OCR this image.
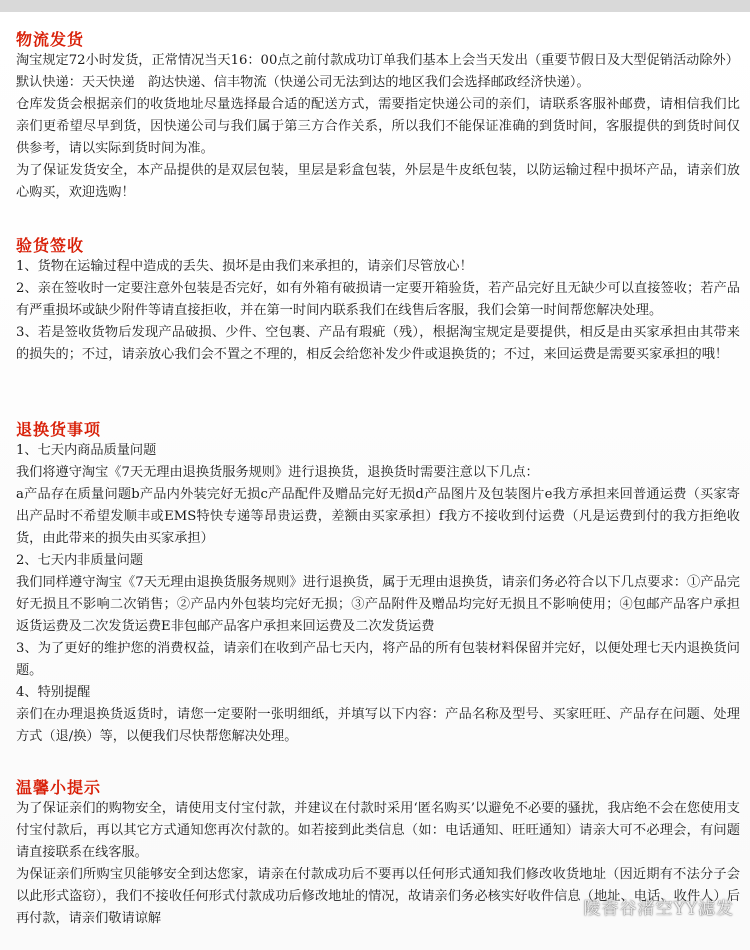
物流发货

淘宝规定72小时发货，正常情况当天16：00点之前付款成功订单我们基本上会当天发出（重要节假日及大型促销活动除外）

默认快递：天天快递　韵达快递、信丰物流（快递公司无法到达的地区我们会选择邮政经济快递）。

仓库发货会根据亲们的收货地址尽量选择最合适的配送方式，需要指定快递公司的亲们，请联系客服补邮费，请相信我们比亲们更希望尽早到货，因快递公司与我们属于第三方合作关系，所以我们不能保证准确的到货时间，客服提供的到货时间仅供参考，请以实际到货时间为准。

为了保证发货安全，本产品提供的是双层包装，里层是彩盒包装，外层是牛皮纸包装，以防运输过程中损坏产品，请亲们放心购买，欢迎选购！

验货签收

1、货物在运输过程中造成的丢失、损坏是由我们来承担的，请亲们尽管放心！

2、亲在签收时一定要注意外包装是否完好，如有外箱有破损请一定要开箱验货，若产品完好且无缺少可以直接签收；若产品有严重损坏或缺少附件等请直接拒收，并在第一时间内联系我们在线售后客服，我们会第一时间帮您解决处理。

3、若是签收货物后发现产品破损、少件、空包裹、产品有瑕疵（残），根据淘宝规定是要提供，相反是由买家承担由其带来的损失的；不过，请亲放心我们会不置之不理的，相反会给您补发少件或退换货的；不过，来回运费是需要买家承担的哦！

退换货事项

1、七天内商品质量问题

我们将遵守淘宝《7天无理由退换货服务规则》进行退换货，退换货时需要注意以下几点：

a产品存在质量问题b产品内外装完好无损c产品配件及赠品完好无损d产品图片及包装图片e我方承担来回普通运费（买家寄出产品时不希望发顺丰或EMS特快专递等昂贵运费，差额由买家承担）f我方不接收到付运费（凡是运费到付的我方拒绝收货，由此带来的损失由买家承担）

2、七天内非质量问题

我们同样遵守淘宝《7天无理由退换货服务规则》进行退换货，属于无理由退换货，请亲们务必符合以下几点要求：①产品完好无损且不影响二次销售；②产品内外包装均完好无损；③产品附件及赠品均完好无损且不影响使用；④包邮产品客户承担返货运费及二次发货运费E非包邮产品客户承担来回运费及二次发货运费

3、为了更好的维护您的消费权益，请亲们在收到产品七天内，将产品的所有包装材料保留并完好，以便处理七天内退换货问题。

4、特别提醒

亲们在办理退换货返货时，请您一定要附一张明细纸，并填写以下内容：产品名称及型号、买家旺旺、产品存在问题、处理方式（退/换）等，以便我们尽快帮您解决处理。

温馨小提示

为了保证亲们的购物安全，请使用支付宝付款，并建议在付款时采用‘匿名购买’以避免不必要的骚扰，我店绝不会在您使用支付宝付款后，再以其它方式通知您再次付款的。如若接到此类信息（如：电话通知、旺旺通知）请亲大可不必理会，有问题请直接联系在线客服。

为保证亲们所购宝贝能够安全到达您家，请亲在付款成功后不要再以任何形式通知我们修改收货地址（因近期有不法分子会以此形式盗窃），我们不接收任何形式付款成功后修改地址的情况，故请亲们务必核实好收件信息（地址、电话、收件人）后再付款，请亲们敬请谅解	陵香谷渚空YY滤发
